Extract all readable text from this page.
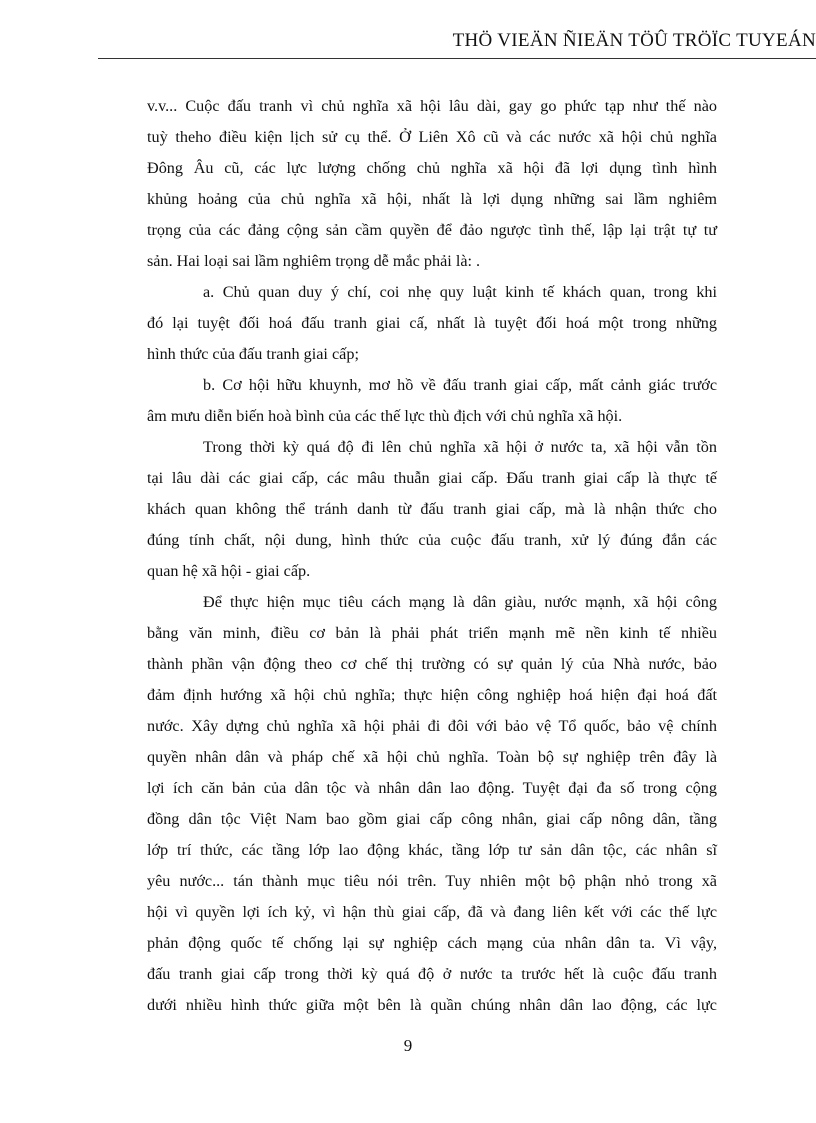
THÖ VIEÄN ÑIEÄN TÖÛ TRÖÏC TUYEÁN
v.v... Cuộc đấu tranh vì chủ nghĩa xã hội lâu dài, gay go phức tạp như thế nào
tuỳ theho điều kiện lịch sử cụ thể. Ở Liên Xô cũ và các nước xã hội chủ nghĩa
Đông Âu cũ, các lực lượng chống chủ nghĩa xã hội đã lợi dụng tình hình
khủng hoảng của chủ nghĩa xã hội, nhất là lợi dụng những sai lầm nghiêm
trọng của các đảng cộng sản cầm quyền để đảo ngược tình thế, lập lại trật tự tư
sản. Hai loại sai lầm nghiêm trọng dễ mắc phải là: .
a. Chủ quan duy ý chí, coi nhẹ quy luật kinh tế khách quan, trong khi
đó lại tuyệt đối hoá đấu tranh giai cấ, nhất là tuyệt đối hoá một trong những
hình thức của đấu tranh giai cấp;
b. Cơ hội hữu khuynh, mơ hồ về đấu tranh giai cấp, mất cảnh giác trước
âm mưu diễn biến hoà bình của các thế lực thù địch với chủ nghĩa xã hội.
Trong thời kỳ quá độ đi lên chủ nghĩa xã hội ở nước ta, xã hội vẫn tồn
tại lâu dài các giai cấp, các mâu thuẫn giai cấp. Đấu tranh giai cấp là thực tế
khách quan không thể tránh danh từ đấu tranh giai cấp, mà là nhận thức cho
đúng tính chất, nội dung, hình thức của cuộc đấu tranh, xử lý đúng đắn các
quan hệ xã hội - giai cấp.
Để thực hiện mục tiêu cách mạng là dân giàu, nước mạnh, xã hội công
bằng văn minh, điều cơ bản là phải phát triển mạnh mẽ nền kinh tế nhiều
thành phần vận động theo cơ chế thị trường có sự quản lý của Nhà nước, bảo
đảm định hướng xã hội chủ nghĩa; thực hiện công nghiệp hoá hiện đại hoá đất
nước. Xây dựng chủ nghĩa xã hội phải đi đôi với bảo vệ Tổ quốc, bảo vệ chính
quyền nhân dân và pháp chế xã hội chủ nghĩa. Toàn bộ sự nghiệp trên đây là
lợi ích căn bản của dân tộc và nhân dân lao động. Tuyệt đại đa số trong cộng
đồng dân tộc Việt Nam bao gồm giai cấp công nhân, giai cấp nông dân, tầng
lớp trí thức, các tầng lớp lao động khác, tầng lớp tư sản dân tộc, các nhân sĩ
yêu nước... tán thành mục tiêu nói trên. Tuy nhiên một bộ phận nhỏ trong xã
hội vì quyền lợi ích kỷ, vì hận thù giai cấp, đã và đang liên kết với các thế lực
phản động quốc tế chống lại sự nghiệp cách mạng của nhân dân ta. Vì vậy,
đấu tranh giai cấp trong thời kỳ quá độ ở nước ta trước hết là cuộc đấu tranh
dưới nhiều hình thức giữa một bên là quần chúng nhân dân lao động, các lực
9
